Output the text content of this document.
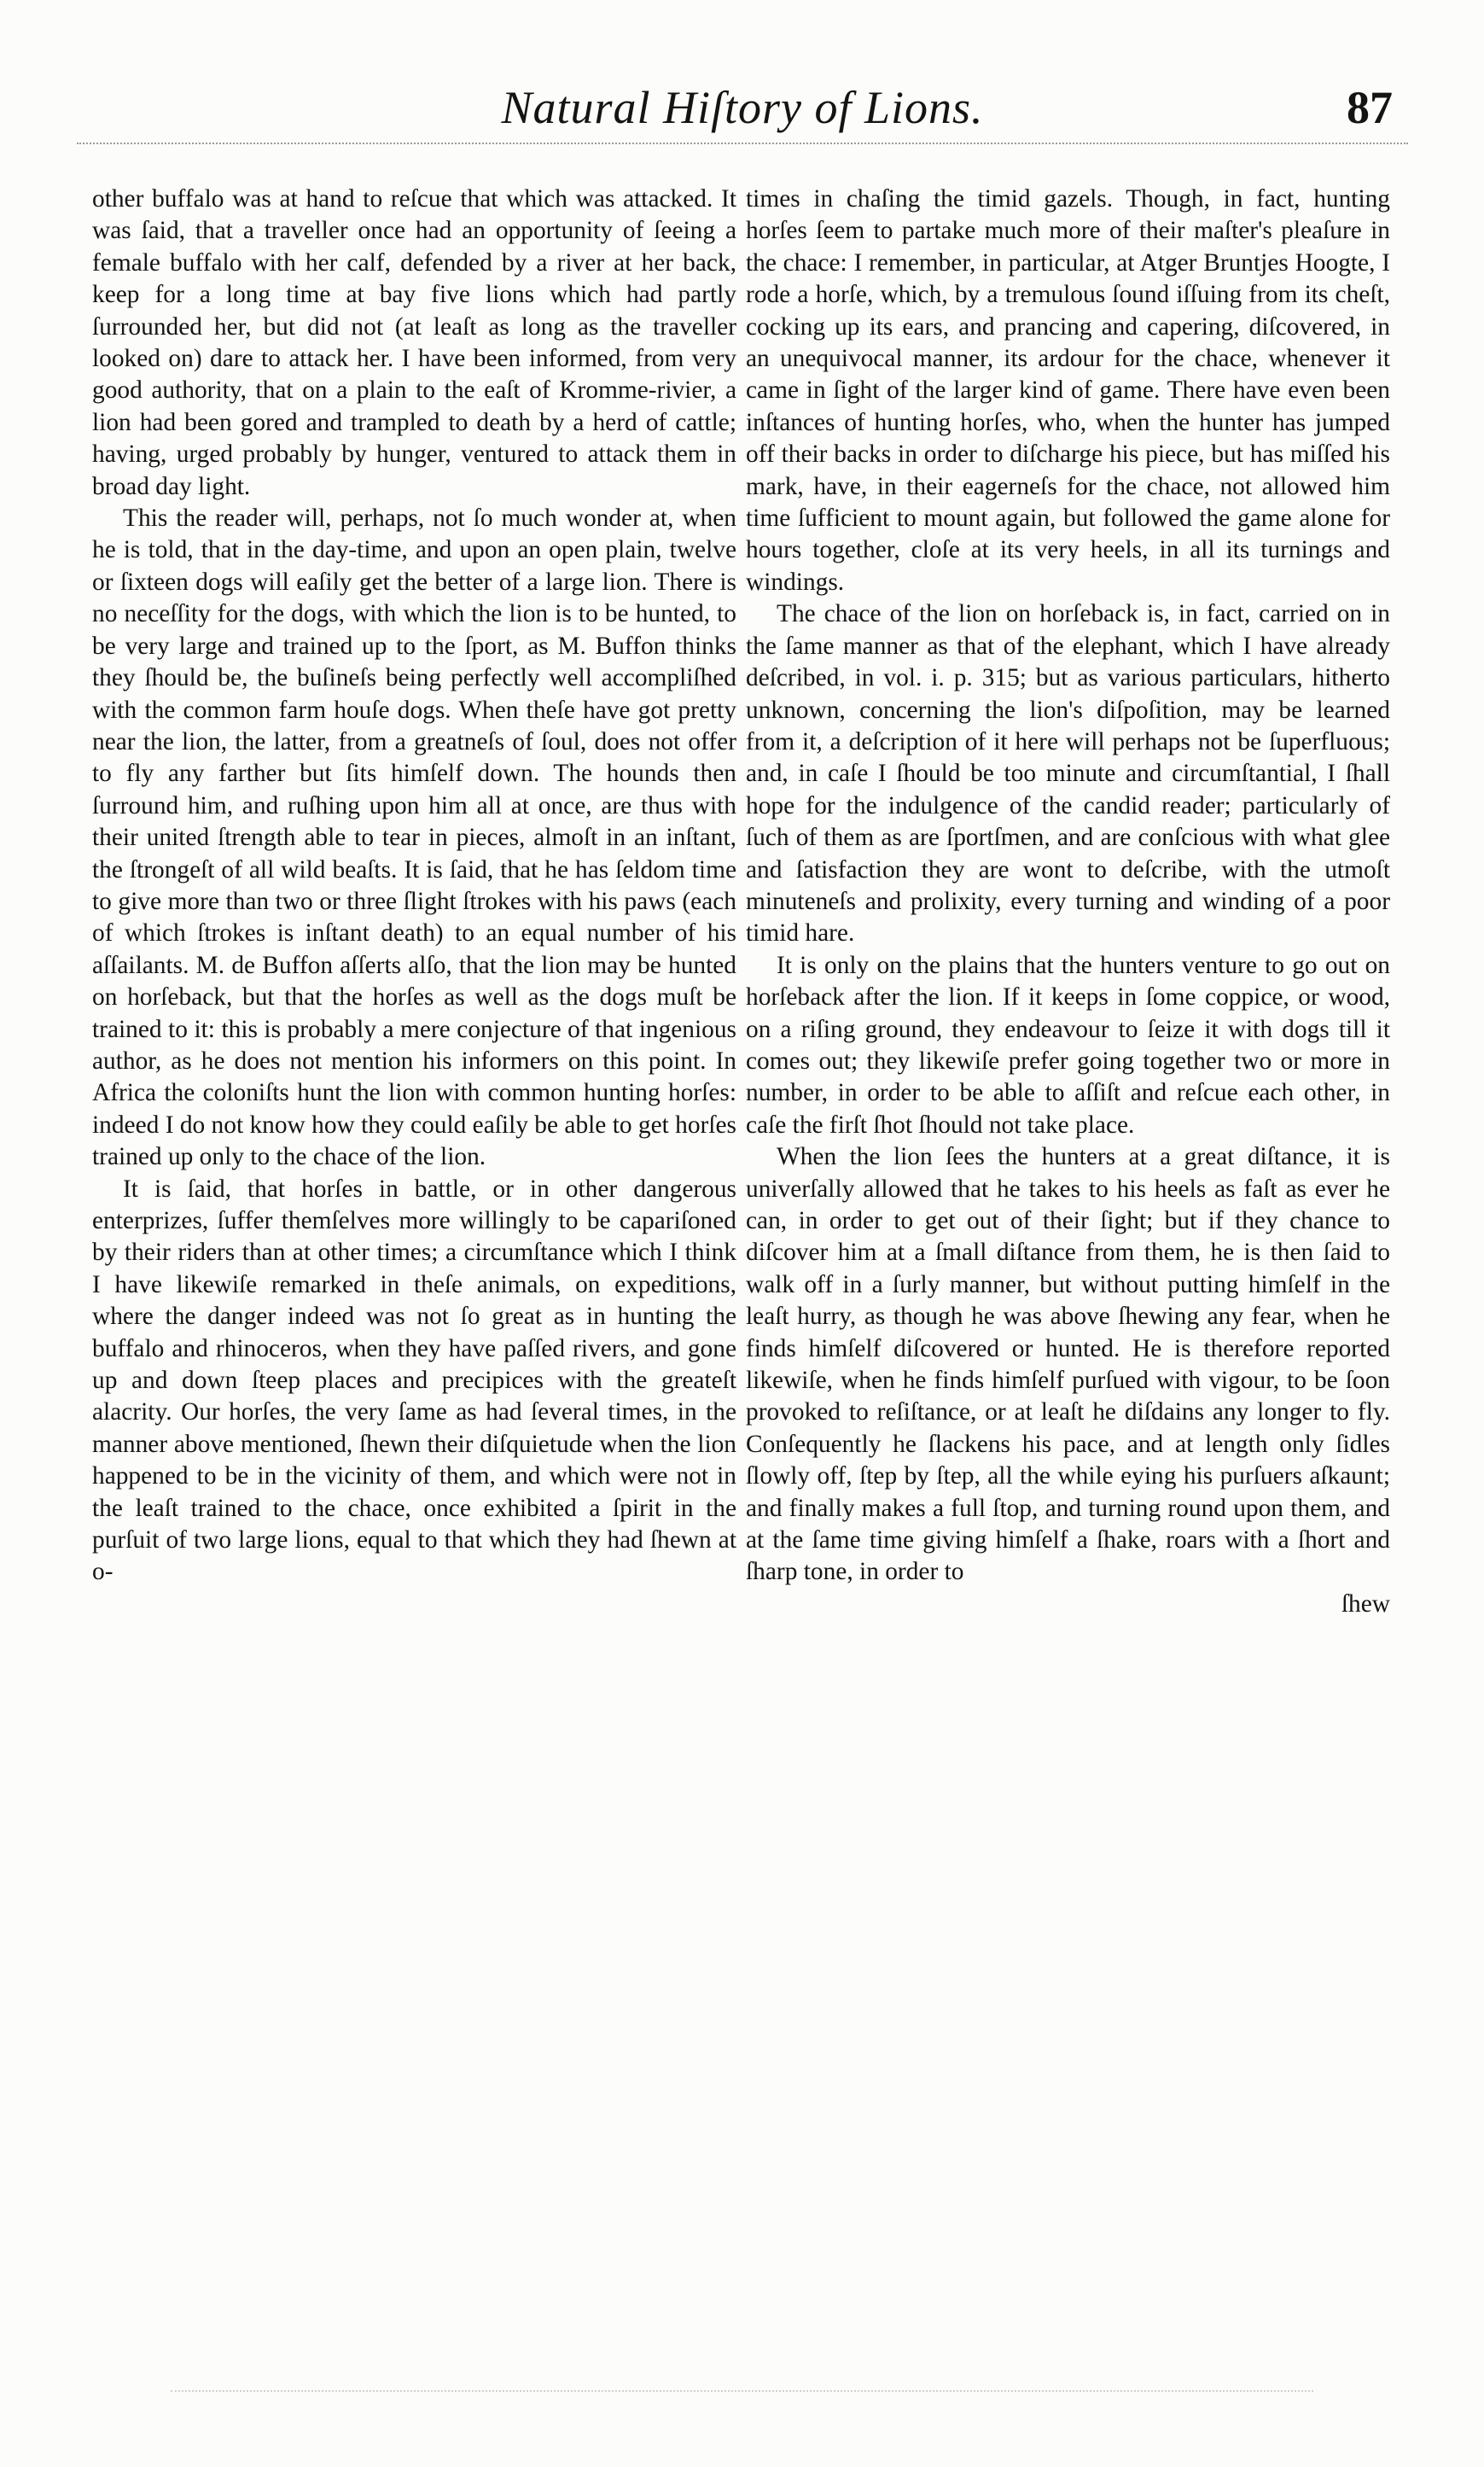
Natural Hiſtory of Lions.	87

other buffalo was at hand to reſcue that which was attacked. It was ſaid, that a traveller once had an opportunity of ſeeing a female buffalo with her calf, defended by a river at her back, keep for a long time at bay five lions which had partly ſurrounded her, but did not (at leaſt as long as the traveller looked on) dare to attack her. I have been informed, from very good authority, that on a plain to the eaſt of Kromme-rivier, a lion had been gored and trampled to death by a herd of cattle; having, urged probably by hunger, ventured to attack them in broad day light.

This the reader will, perhaps, not ſo much wonder at, when he is told, that in the day-time, and upon an open plain, twelve or ſixteen dogs will eaſily get the better of a large lion. There is no neceſſity for the dogs, with which the lion is to be hunted, to be very large and trained up to the ſport, as M. Buffon thinks they ſhould be, the buſineſs being perfectly well accompliſhed with the common farm houſe dogs. When theſe have got pretty near the lion, the latter, from a greatneſs of ſoul, does not offer to fly any farther but ſits himſelf down. The hounds then ſurround him, and ruſhing upon him all at once, are thus with their united ſtrength able to tear in pieces, almoſt in an inſtant, the ſtrongeſt of all wild beaſts. It is ſaid, that he has ſeldom time to give more than two or three ſlight ſtrokes with his paws (each of which ſtrokes is inſtant death) to an equal number of his aſſailants. M. de Buffon aſſerts alſo, that the lion may be hunted on horſeback, but that the horſes as well as the dogs muſt be trained to it: this is probably a mere conjecture of that ingenious author, as he does not mention his informers on this point. In Africa the coloniſts hunt the lion with common hunting horſes: indeed I do not know how they could eaſily be able to get horſes trained up only to the chace of the lion.

It is ſaid, that horſes in battle, or in other dangerous enterprizes, ſuffer themſelves more willingly to be capariſoned by their riders than at other times; a circumſtance which I think I have likewiſe remarked in theſe animals, on expeditions, where the danger indeed was not ſo great as in hunting the buffalo and rhinoceros, when they have paſſed rivers, and gone up and down ſteep places and precipices with the greateſt alacrity. Our horſes, the very ſame as had ſeveral times, in the manner above mentioned, ſhewn their diſquietude when the lion happened to be in the vicinity of them, and which were not in the leaſt trained to the chace, once exhibited a ſpirit in the purſuit of two large lions, equal to that which they had ſhewn at o-

times in chaſing the timid gazels. Though, in fact, hunting horſes ſeem to partake much more of their maſter's pleaſure in the chace: I remember, in particular, at Atger Bruntjes Hoogte, I rode a horſe, which, by a tremulous ſound iſſuing from its cheſt, cocking up its ears, and prancing and capering, diſcovered, in an unequivocal manner, its ardour for the chace, whenever it came in ſight of the larger kind of game. There have even been inſtances of hunting horſes, who, when the hunter has jumped off their backs in order to diſcharge his piece, but has miſſed his mark, have, in their eagerneſs for the chace, not allowed him time ſufficient to mount again, but followed the game alone for hours together, cloſe at its very heels, in all its turnings and windings.

The chace of the lion on horſeback is, in fact, carried on in the ſame manner as that of the elephant, which I have already deſcribed, in vol. i. p. 315; but as various particulars, hitherto unknown, concerning the lion's diſpoſition, may be learned from it, a deſcription of it here will perhaps not be ſuperfluous; and, in caſe I ſhould be too minute and circumſtantial, I ſhall hope for the indulgence of the candid reader; particularly of ſuch of them as are ſportſmen, and are conſcious with what glee and ſatisfaction they are wont to deſcribe, with the utmoſt minuteneſs and prolixity, every turning and winding of a poor timid hare.

It is only on the plains that the hunters venture to go out on horſeback after the lion. If it keeps in ſome coppice, or wood, on a riſing ground, they endeavour to ſeize it with dogs till it comes out; they likewiſe prefer going together two or more in number, in order to be able to aſſiſt and reſcue each other, in caſe the firſt ſhot ſhould not take place.

When the lion ſees the hunters at a great diſtance, it is univerſally allowed that he takes to his heels as faſt as ever he can, in order to get out of their ſight; but if they chance to diſcover him at a ſmall diſtance from them, he is then ſaid to walk off in a ſurly manner, but without putting himſelf in the leaſt hurry, as though he was above ſhewing any fear, when he finds himſelf diſcovered or hunted. He is therefore reported likewiſe, when he finds himſelf purſued with vigour, to be ſoon provoked to reſiſtance, or at leaſt he diſdains any longer to fly. Conſequently he ſlackens his pace, and at length only ſidles ſlowly off, ſtep by ſtep, all the while eying his purſuers aſkaunt; and finally makes a full ſtop, and turning round upon them, and at the ſame time giving himſelf a ſhake, roars with a ſhort and ſharp tone, in order to

ſhew
